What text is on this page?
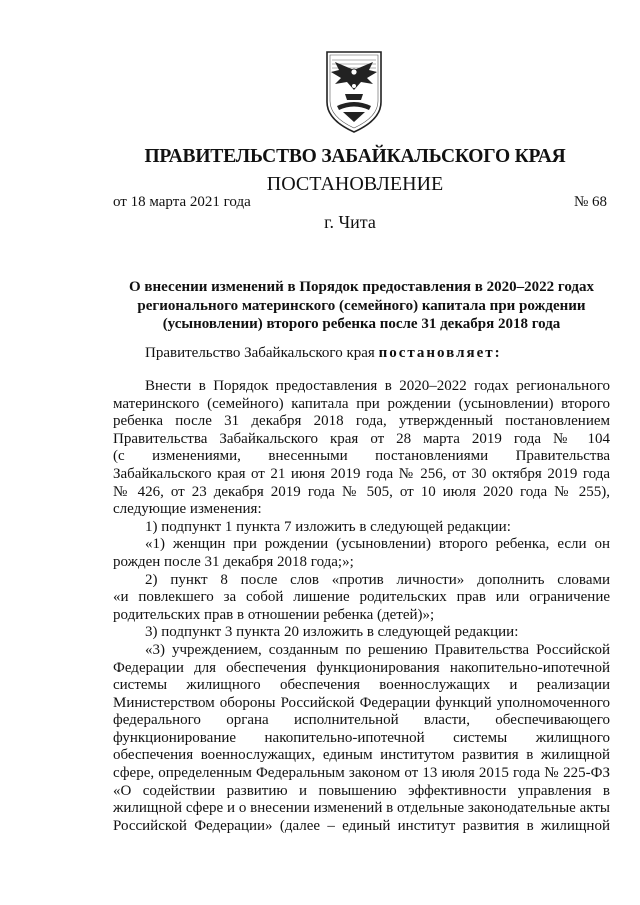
ПРАВИТЕЛЬСТВО ЗАБАЙКАЛЬСКОГО КРАЯ
ПОСТАНОВЛЕНИЕ
от 18 марта 2021 года	№ 68
г. Чита
О внесении изменений в Порядок предоставления в 2020–2022 годах
регионального материнского (семейного) капитала при рождении
(усыновлении) второго ребенка после 31 декабря 2018 года
Правительство Забайкальского края постановляет:
Внести в Порядок предоставления в 2020–2022 годах регионального
материнского (семейного) капитала при рождении (усыновлении) второго
ребенка после 31 декабря 2018 года, утвержденный постановлением
Правительства Забайкальского края от 28 марта 2019 года № 104
(с изменениями, внесенными постановлениями Правительства
Забайкальского края от 21 июня 2019 года № 256, от 30 октября 2019 года
№ 426, от 23 декабря 2019 года № 505, от 10 июля 2020 года № 255),
следующие изменения:
1) подпункт 1 пункта 7 изложить в следующей редакции:
«1) женщин при рождении (усыновлении) второго ребенка, если он
рожден после 31 декабря 2018 года;»;
2) пункт 8 после слов «против личности» дополнить словами
«и повлекшего за собой лишение родительских прав или ограничение
родительских прав в отношении ребенка (детей)»;
3) подпункт 3 пункта 20 изложить в следующей редакции:
«3) учреждением, созданным по решению Правительства Российской
Федерации для обеспечения функционирования накопительно-ипотечной
системы жилищного обеспечения военнослужащих и реализации
Министерством обороны Российской Федерации функций уполномоченного
федерального органа исполнительной власти, обеспечивающего
функционирование накопительно-ипотечной системы жилищного
обеспечения военнослужащих, единым институтом развития в жилищной
сфере, определенным Федеральным законом от 13 июля 2015 года № 225-ФЗ
«О содействии развитию и повышению эффективности управления в
жилищной сфере и о внесении изменений в отдельные законодательные акты
Российской Федерации» (далее – единый институт развития в жилищной
